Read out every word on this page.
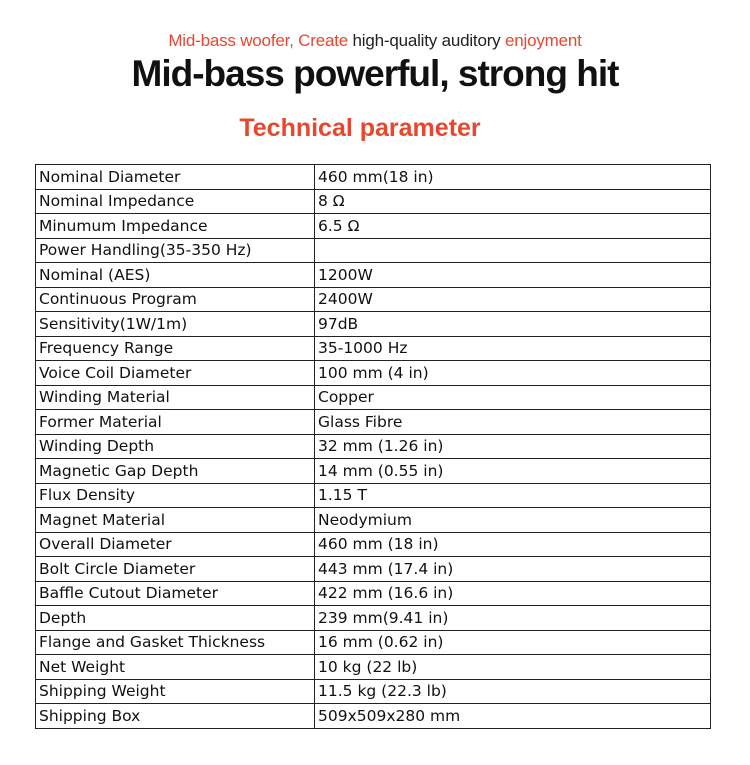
Mid-bass woofer, Create high-quality auditory enjoyment
Mid-bass powerful, strong hit
Technical parameter
Nominal Diameter	460 mm(18 in)
Nominal Impedance	8 Ω
Minumum Impedance	6.5 Ω
Power Handling(35-350 Hz)	
Nominal (AES)	1200W
Continuous Program	2400W
Sensitivity(1W/1m)	97dB
Frequency Range	35-1000 Hz
Voice Coil Diameter	100 mm (4 in)
Winding Material	Copper
Former Material	Glass Fibre
Winding Depth	32 mm (1.26 in)
Magnetic Gap Depth	14 mm (0.55 in)
Flux Density	1.15 T
Magnet Material	Neodymium
Overall Diameter	460 mm (18 in)
Bolt Circle Diameter	443 mm (17.4 in)
Baffle Cutout Diameter	422 mm (16.6 in)
Depth	239 mm(9.41 in)
Flange and Gasket Thickness	16 mm (0.62 in)
Net Weight	10 kg (22 lb)
Shipping Weight	11.5 kg (22.3 lb)
Shipping Box	509x509x280 mm
